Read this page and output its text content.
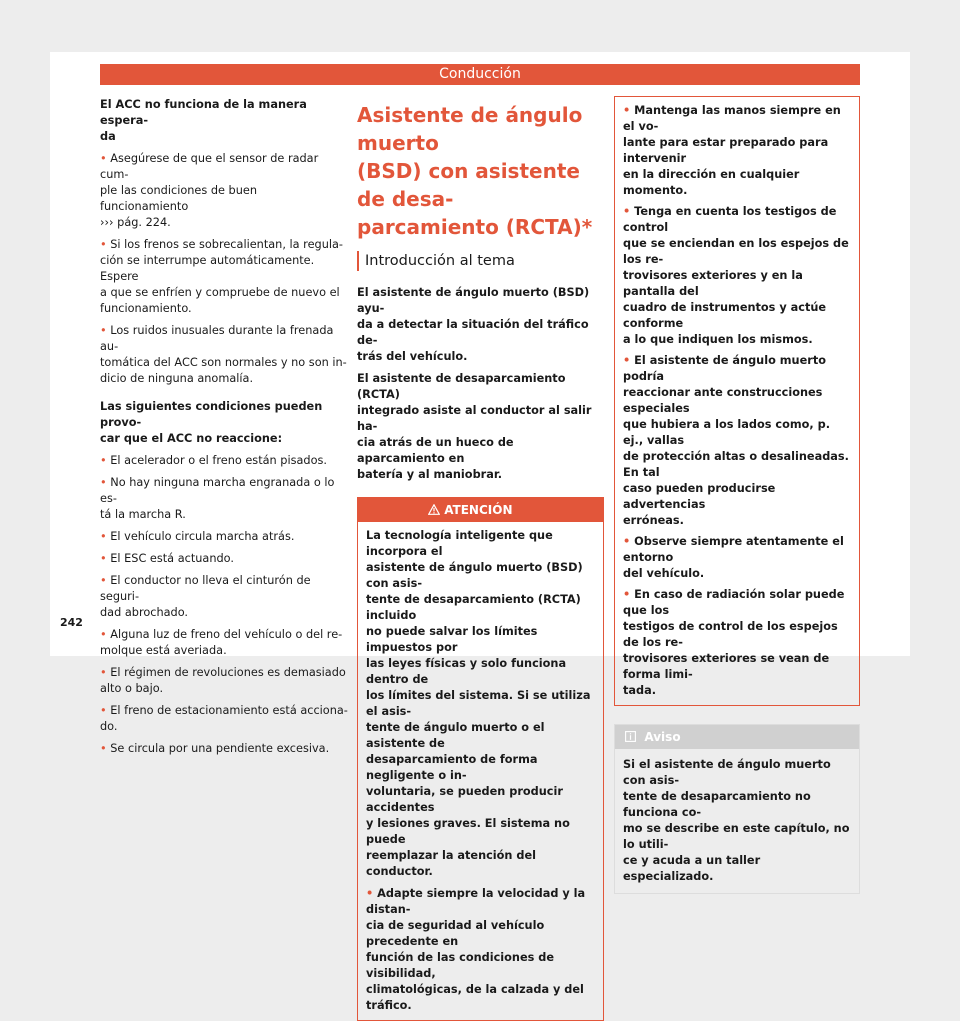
Conducción

El ACC no funciona de la manera espera-
da

• Asegúrese de que el sensor de radar cum-
ple las condiciones de buen funcionamiento
››› pág. 224.

• Si los frenos se sobrecalientan, la regula-
ción se interrumpe automáticamente. Espere
a que se enfríen y compruebe de nuevo el
funcionamiento.

• Los ruidos inusuales durante la frenada au-
tomática del ACC son normales y no son in-
dicio de ninguna anomalía.

Las siguientes condiciones pueden provo-
car que el ACC no reaccione:

• El acelerador o el freno están pisados.

• No hay ninguna marcha engranada o lo es-
tá la marcha R.

• El vehículo circula marcha atrás.

• El ESC está actuando.

• El conductor no lleva el cinturón de seguri-
dad abrochado.

• Alguna luz de freno del vehículo o del re-
molque está averiada.

• El régimen de revoluciones es demasiado
alto o bajo.

• El freno de estacionamiento está acciona-
do.

• Se circula por una pendiente excesiva.

Asistente de ángulo muerto
(BSD) con asistente de desa-
parcamiento (RCTA)*
Introducción al tema

El asistente de ángulo muerto (BSD) ayu-
da a detectar la situación del tráfico de-
trás del vehículo.

El asistente de desaparcamiento (RCTA)
integrado asiste al conductor al salir ha-
cia atrás de un hueco de aparcamiento en
batería y al maniobrar.

ATENCIÓN

La tecnología inteligente que incorpora el
asistente de ángulo muerto (BSD) con asis-
tente de desaparcamiento (RCTA) incluido
no puede salvar los límites impuestos por
las leyes físicas y solo funciona dentro de
los límites del sistema. Si se utiliza el asis-
tente de ángulo muerto o el asistente de
desaparcamiento de forma negligente o in-
voluntaria, se pueden producir accidentes
y lesiones graves. El sistema no puede
reemplazar la atención del conductor.

• Adapte siempre la velocidad y la distan-
cia de seguridad al vehículo precedente en
función de las condiciones de visibilidad,
climatológicas, de la calzada y del tráfico.

• Mantenga las manos siempre en el vo-
lante para estar preparado para intervenir
en la dirección en cualquier momento.

• Tenga en cuenta los testigos de control
que se enciendan en los espejos de los re-
trovisores exteriores y en la pantalla del
cuadro de instrumentos y actúe conforme
a lo que indiquen los mismos.

• El asistente de ángulo muerto podría
reaccionar ante construcciones especiales
que hubiera a los lados como, p. ej., vallas
de protección altas o desalineadas. En tal
caso pueden producirse advertencias
erróneas.

• Observe siempre atentamente el entorno
del vehículo.

• En caso de radiación solar puede que los
testigos de control de los espejos de los re-
trovisores exteriores se vean de forma limi-
tada.

Aviso
Si el asistente de ángulo muerto con asis-
tente de desaparcamiento no funciona co-
mo se describe en este capítulo, no lo utili-
ce y acuda a un taller especializado.
242
